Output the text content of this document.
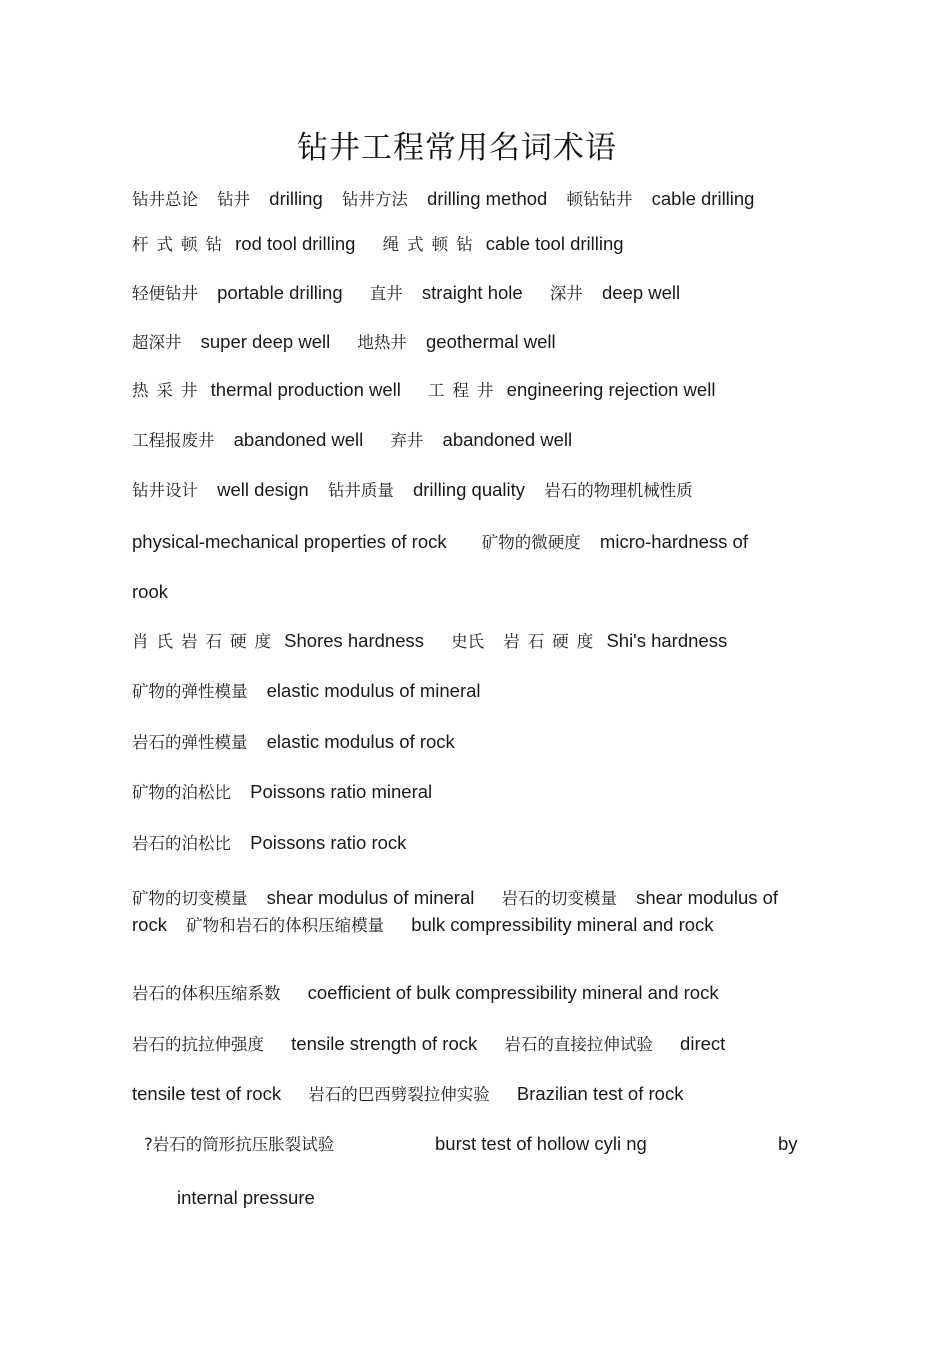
钻井工程常用名词术语
钻井总论 钻井 drilling 钻井方法 drilling method 顿钻钻井 cable drilling
杆式顿钻 rod tool drilling 绳式顿钻 cable tool drilling
轻便钻井 portable drilling 直井 straight hole 深井 deep well
超深井 super deep well 地热井 geothermal well
热采井 thermal production well 工程井 engineering rejection well
工程报废井 abandoned well 弃井 abandoned well
钻井设计 well design 钻井质量 drilling quality 岩石的物理机械性质
physical-mechanical properties of rock 矿物的微硬度 micro-hardness of
rook
肖氏岩石硬度 Shores hardness 史氏 岩石硬度 Shi's hardness
矿物的弹性模量 elastic modulus of mineral
岩石的弹性模量 elastic modulus of rock
矿物的泊松比 Poissons ratio mineral
岩石的泊松比 Poissons ratio rock
矿物的切变模量 shear modulus of mineral 岩石的切变模量 shear modulus of rock 矿物和岩石的体积压缩模量 bulk compressibility mineral and rock
岩石的体积压缩系数 coefficient of bulk compressibility mineral and rock
岩石的抗拉伸强度 tensile strength of rock 岩石的直接拉伸试验 direct
tensile test of rock 岩石的巴西劈裂拉伸实验 Brazilian test of rock
?岩石的筒形抗压胀裂试验	burst test of hollow cyli ng	by
internal pressure
